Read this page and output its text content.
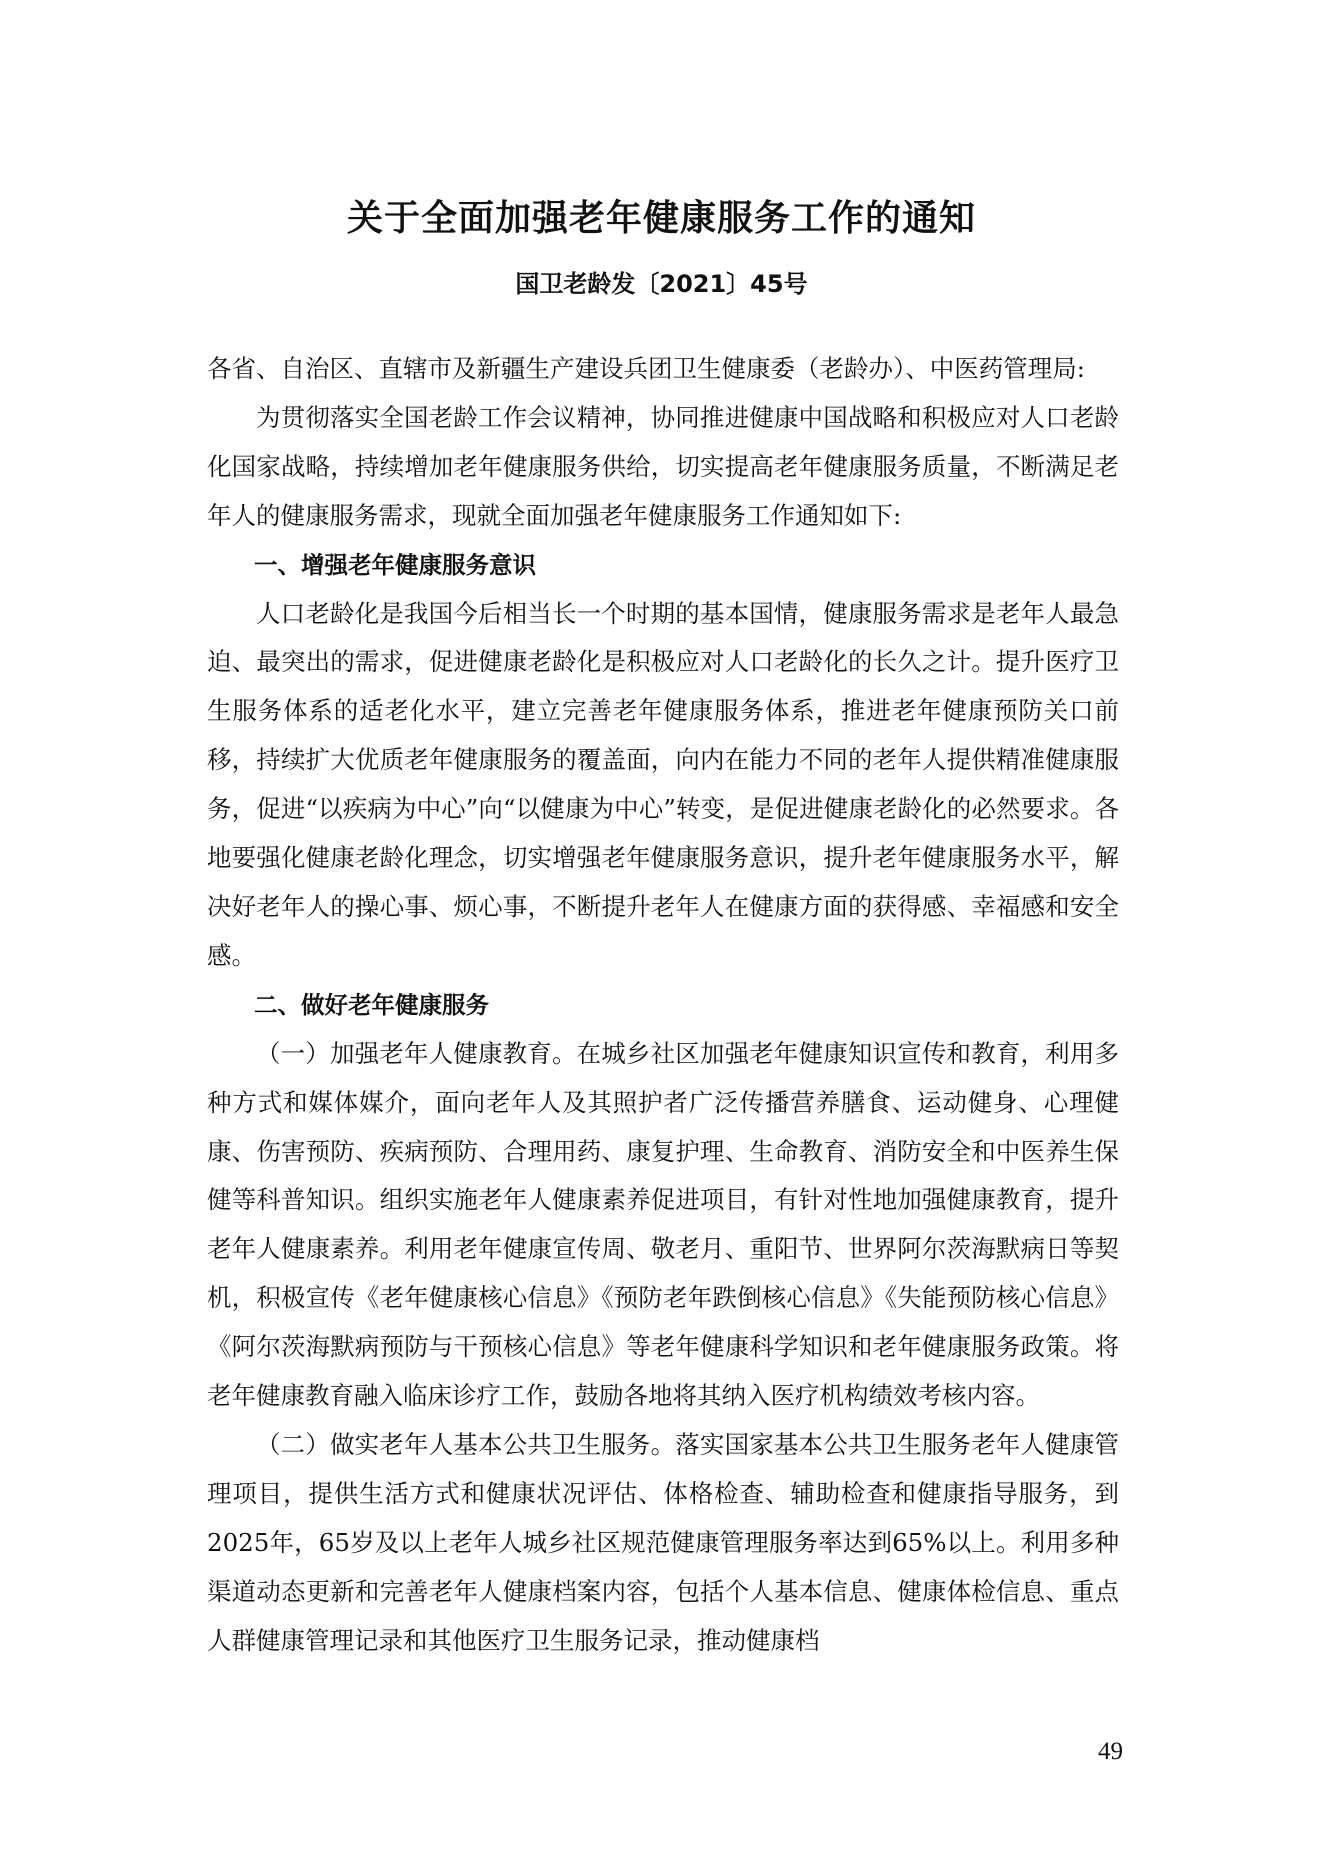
关于全面加强老年健康服务工作的通知
国卫老龄发〔2021〕45号

各省、自治区、直辖市及新疆生产建设兵团卫生健康委（老龄办）、中医药管理局:

为贯彻落实全国老龄工作会议精神，协同推进健康中国战略和积极应对人口老龄化国家战略，持续增加老年健康服务供给，切实提高老年健康服务质量，不断满足老年人的健康服务需求，现就全面加强老年健康服务工作通知如下:

一、增强老年健康服务意识

人口老龄化是我国今后相当长一个时期的基本国情，健康服务需求是老年人最急迫、最突出的需求，促进健康老龄化是积极应对人口老龄化的长久之计。提升医疗卫生服务体系的适老化水平，建立完善老年健康服务体系，推进老年健康预防关口前移，持续扩大优质老年健康服务的覆盖面，向内在能力不同的老年人提供精准健康服务，促进“以疾病为中心”向“以健康为中心”转变，是促进健康老龄化的必然要求。各地要强化健康老龄化理念，切实增强老年健康服务意识，提升老年健康服务水平，解决好老年人的操心事、烦心事，不断提升老年人在健康方面的获得感、幸福感和安全感。

二、做好老年健康服务

（一）加强老年人健康教育。在城乡社区加强老年健康知识宣传和教育，利用多种方式和媒体媒介，面向老年人及其照护者广泛传播营养膳食、运动健身、心理健康、伤害预防、疾病预防、合理用药、康复护理、生命教育、消防安全和中医养生保健等科普知识。组织实施老年人健康素养促进项目，有针对性地加强健康教育，提升老年人健康素养。利用老年健康宣传周、敬老月、重阳节、世界阿尔茨海默病日等契机，积极宣传《老年健康核心信息》《预防老年跌倒核心信息》《失能预防核心信息》《阿尔茨海默病预防与干预核心信息》等老年健康科学知识和老年健康服务政策。将老年健康教育融入临床诊疗工作，鼓励各地将其纳入医疗机构绩效考核内容。

（二）做实老年人基本公共卫生服务。落实国家基本公共卫生服务老年人健康管理项目，提供生活方式和健康状况评估、体格检查、辅助检查和健康指导服务，到2025年，65岁及以上老年人城乡社区规范健康管理服务率达到65%以上。利用多种渠道动态更新和完善老年人健康档案内容，包括个人基本信息、健康体检信息、重点人群健康管理记录和其他医疗卫生服务记录，推动健康档

49
